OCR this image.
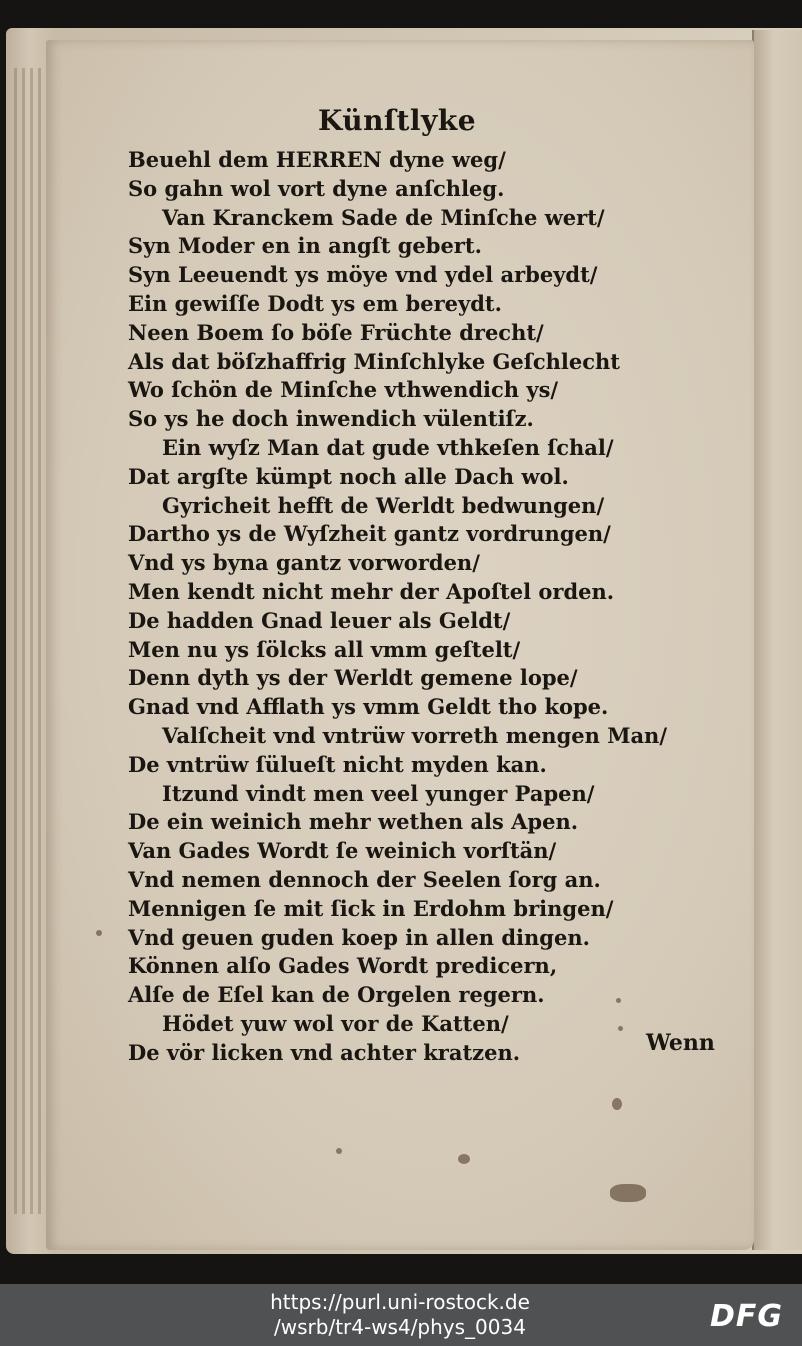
Künſtlyke
Beuehl dem HERREN dyne weg/
So gahn wol vort dyne anſchleg.
Van Kranckem Sade de Minſche wert/
Syn Moder en in angſt gebert.
Syn Leeuendt ys möye vnd ydel arbeydt/
Ein gewiſſe Dodt ys em bereydt.
Neen Boem ſo böſe Früchte drecht/
Als dat böſzhaffrig Minſchlyke Geſchlecht
Wo ſchön de Minſche vthwendich ys/
So ys he doch inwendich vülentiſz.
Ein wyſz Man dat gude vthkeſen ſchal/
Dat argſte kümpt noch alle Dach wol.
Gyricheit hefft de Werldt bedwungen/
Dartho ys de Wyſzheit gantz vordrungen/
Vnd ys byna gantz vorworden/
Men kendt nicht mehr der Apoſtel orden.
De hadden Gnad leuer als Geldt/
Men nu ys ſölcks all vmm geſtelt/
Denn dyth ys der Werldt gemene lope/
Gnad vnd Afflath ys vmm Geldt tho kope.
Valſcheit vnd vntrüw vorreth mengen Man/
De vntrüw ſülueſt nicht myden kan.
Itzund vindt men veel yunger Papen/
De ein weinich mehr wethen als Apen.
Van Gades Wordt ſe weinich vorſtän/
Vnd nemen dennoch der Seelen ſorg an.
Mennigen ſe mit ſick in Erdohm bringen/
Vnd geuen guden koep in allen dingen.
Können alſo Gades Wordt predicern,
Alſe de Eſel kan de Orgelen regern.
Hödet yuw wol vor de Katten/
De vör licken vnd achter kratzen.	Wenn
https://purl.uni-rostock.de
/wsrb/tr4-ws4/phys_0034	DFG
